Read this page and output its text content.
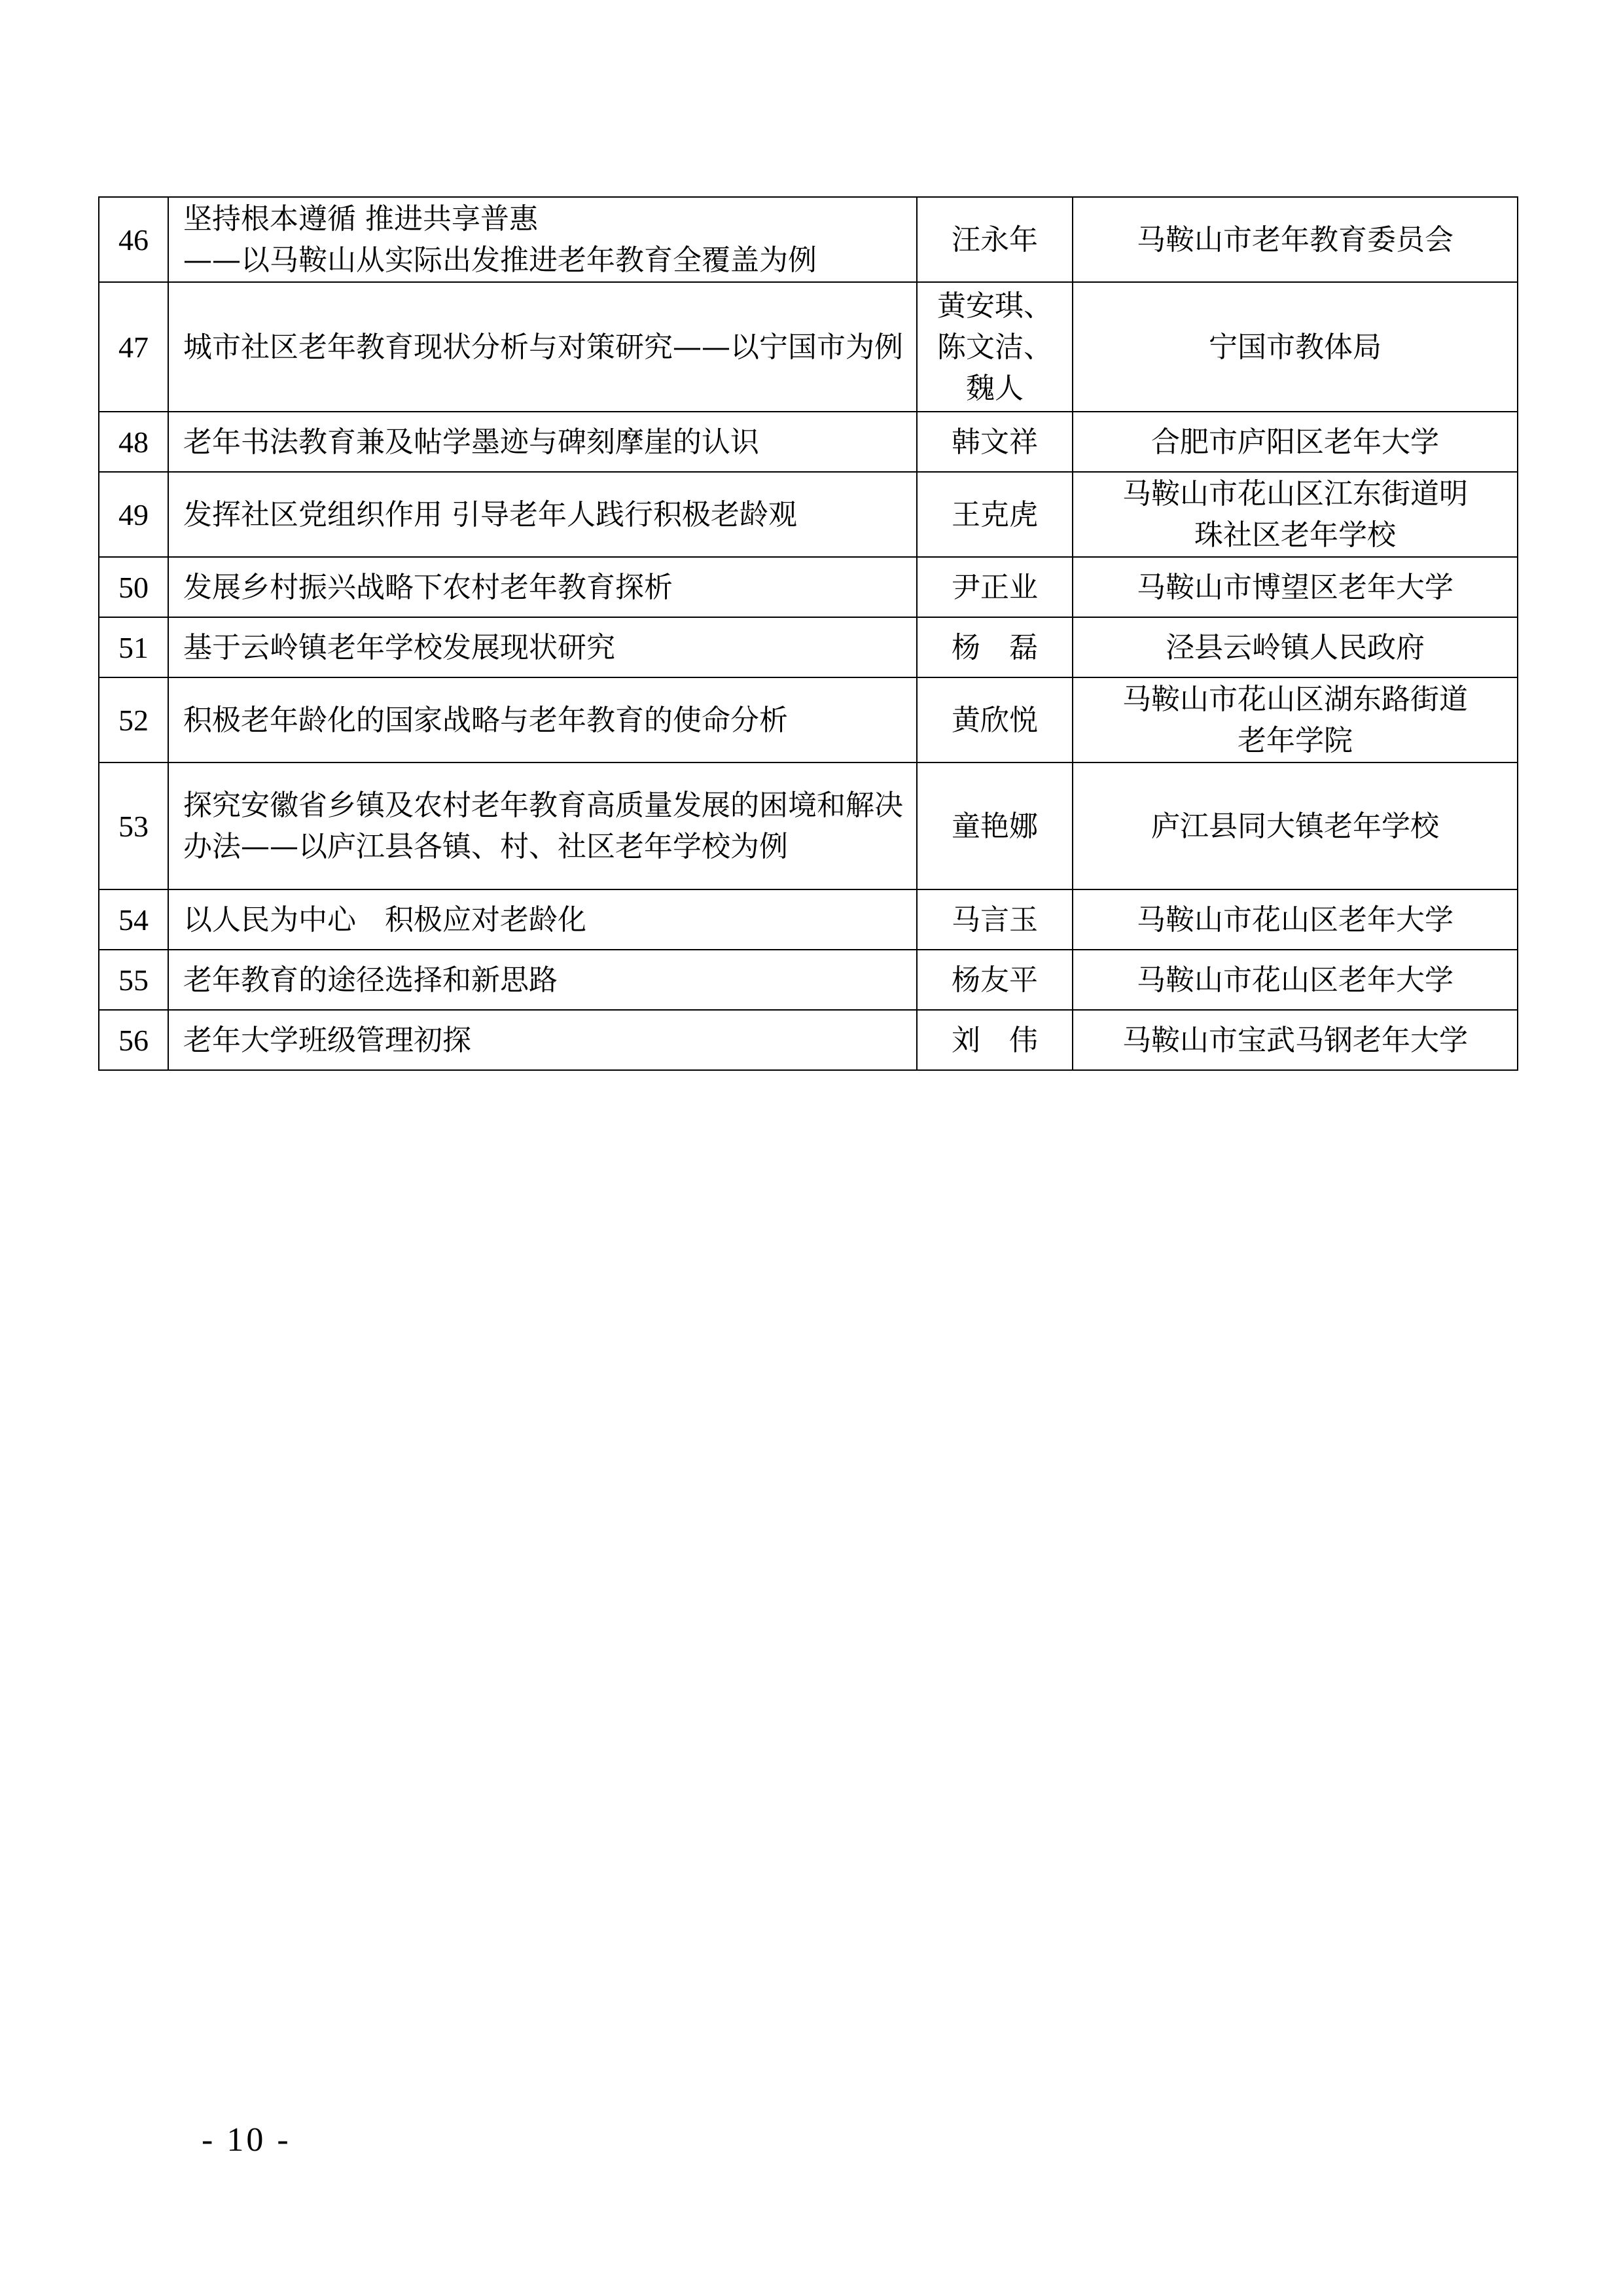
46	坚持根本遵循 推进共享普惠
——以马鞍山从实际出发推进老年教育全覆盖为例	汪永年	马鞍山市老年教育委员会

47	城市社区老年教育现状分析与对策研究——以宁国市为例	黄安琪、
陈文洁、
魏人	宁国市教体局

48	老年书法教育兼及帖学墨迹与碑刻摩崖的认识	韩文祥	合肥市庐阳区老年大学

49	发挥社区党组织作用 引导老年人践行积极老龄观	王克虎	马鞍山市花山区江东街道明
珠社区老年学校

50	发展乡村振兴战略下农村老年教育探析	尹正业	马鞍山市博望区老年大学

51	基于云岭镇老年学校发展现状研究	杨　磊	泾县云岭镇人民政府

52	积极老年龄化的国家战略与老年教育的使命分析	黄欣悦	马鞍山市花山区湖东路街道
老年学院

53	探究安徽省乡镇及农村老年教育高质量发展的困境和解决办法——以庐江县各镇、村、社区老年学校为例	童艳娜	庐江县同大镇老年学校

54	以人民为中心　积极应对老龄化	马言玉	马鞍山市花山区老年大学

55	老年教育的途径选择和新思路	杨友平	马鞍山市花山区老年大学

56	老年大学班级管理初探	刘　伟	马鞍山市宝武马钢老年大学
- 10 -
